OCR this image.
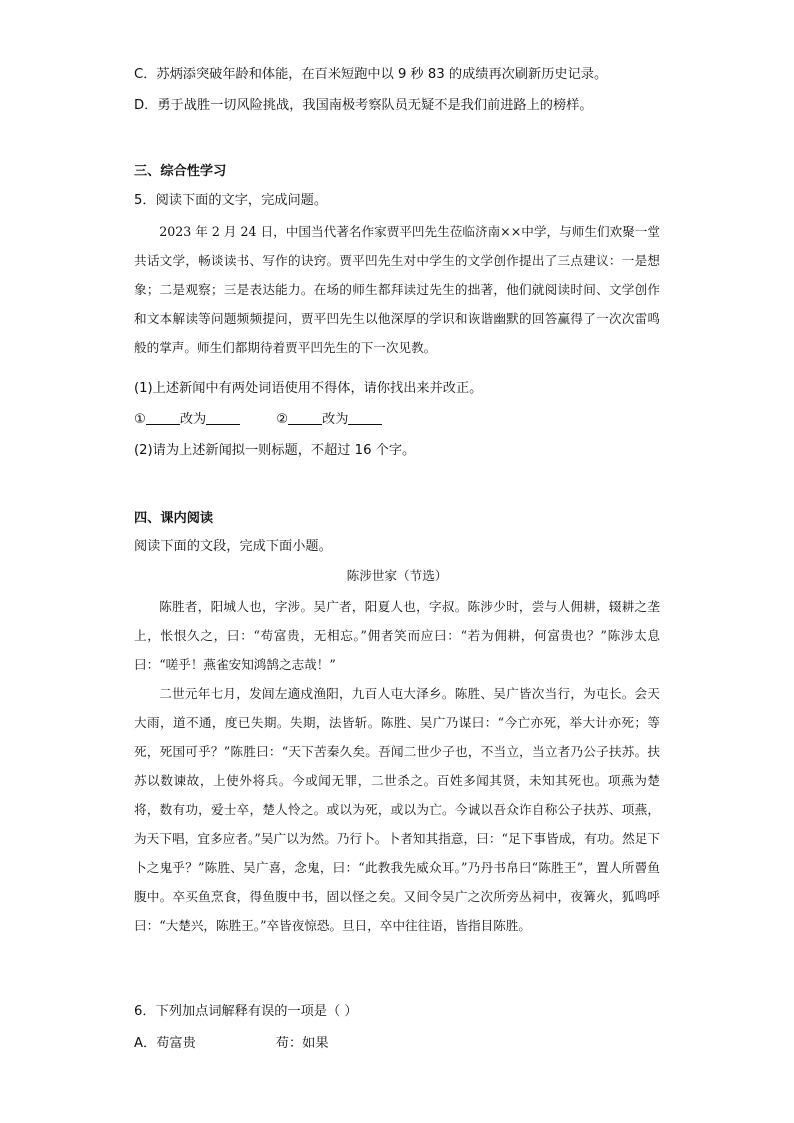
C．苏炳添突破年龄和体能，在百米短跑中以 9 秒 83 的成绩再次刷新历史记录。

D．勇于战胜一切风险挑战，我国南极考察队员无疑不是我们前进路上的榜样。

三、综合性学习

5．阅读下面的文字，完成问题。

2023 年 2 月 24 日，中国当代著名作家贾平凹先生莅临济南××中学，与师生们欢聚一堂共话文学，畅谈读书、写作的诀窍。贾平凹先生对中学生的文学创作提出了三点建议：一是想象；二是观察；三是表达能力。在场的师生都拜读过先生的拙著，他们就阅读时间、文学创作和文本解读等问题频频提问，贾平凹先生以他深厚的学识和诙谐幽默的回答赢得了一次次雷鸣般的掌声。师生们都期待着贾平凹先生的下一次见教。

(1)上述新闻中有两处词语使用不得体，请你找出来并改正。

①	改为	②	改为

(2)请为上述新闻拟一则标题，不超过 16 个字。

四、课内阅读

阅读下面的文段，完成下面小题。

陈涉世家（节选）

陈胜者，阳城人也，字涉。吴广者，阳夏人也，字叔。陈涉少时，尝与人佣耕，辍耕之垄上，怅恨久之，曰：“苟富贵，无相忘。”佣者笑而应曰：“若为佣耕，何富贵也？”陈涉太息曰：“嗟乎！燕雀安知鸿鹄之志哉！”

二世元年七月，发闾左適戍渔阳，九百人屯大泽乡。陈胜、吴广皆次当行，为屯长。会天大雨，道不通，度已失期。失期，法皆斩。陈胜、吴广乃谋曰：“今亡亦死，举大计亦死；等死，死国可乎？”陈胜曰：“天下苦秦久矣。吾闻二世少子也，不当立，当立者乃公子扶苏。扶苏以数谏故，上使外将兵。今或闻无罪，二世杀之。百姓多闻其贤，未知其死也。项燕为楚将，数有功，爱士卒，楚人怜之。或以为死，或以为亡。今诚以吾众诈自称公子扶苏、项燕，为天下唱，宜多应者。”吴广以为然。乃行卜。卜者知其指意，曰：“足下事皆成，有功。然足下卜之鬼乎？”陈胜、吴广喜，念鬼，曰：“此教我先威众耳。”乃丹书帛曰“陈胜王”，置人所罾鱼腹中。卒买鱼烹食，得鱼腹中书，固以怪之矣。又间令吴广之次所旁丛祠中，夜篝火，狐鸣呼曰：“大楚兴，陈胜王。”卒皆夜惊恐。旦日，卒中往往语，皆指目陈胜。

6．下列加点词解释有误的一项是（ ）

A．苟富贵	苟：如果
